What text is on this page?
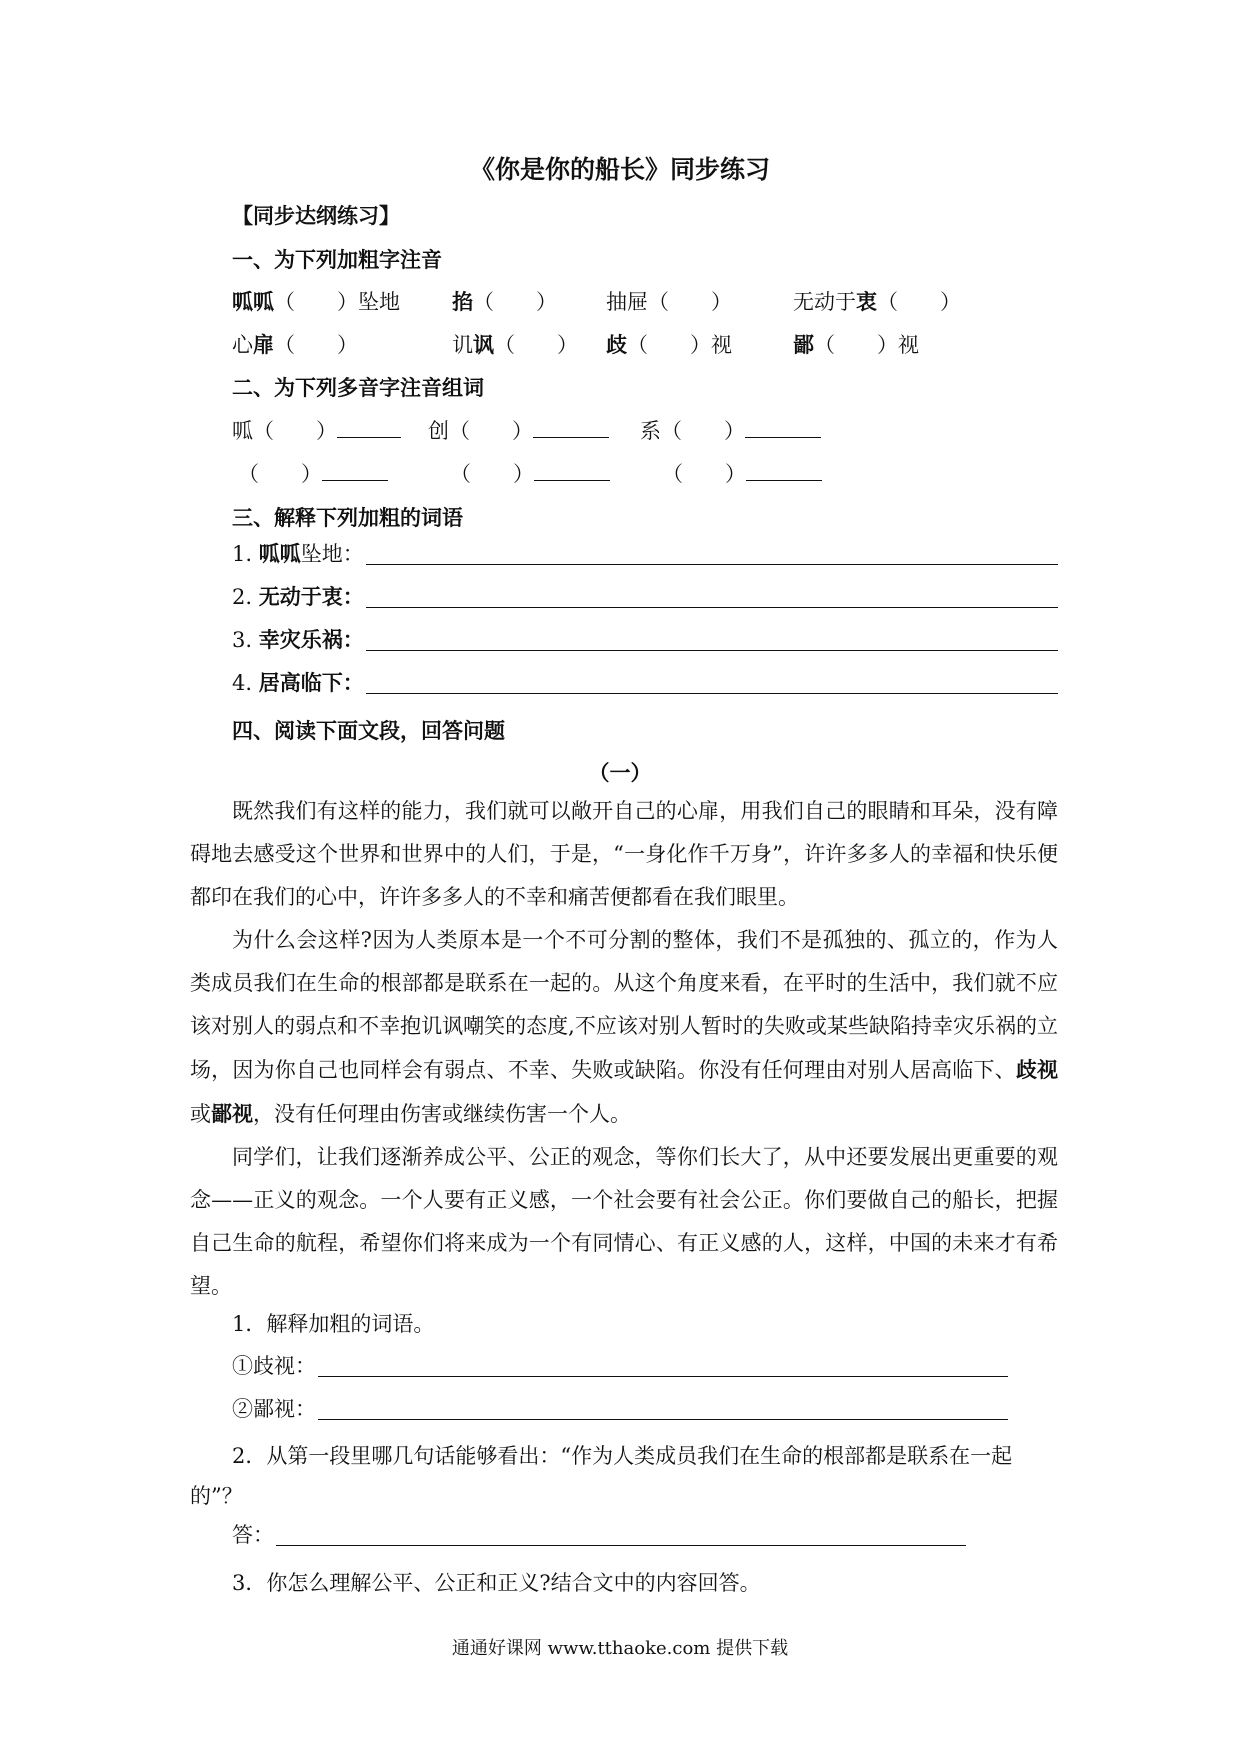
《你是你的船长》同步练习
【同步达纲练习】
一、为下列加粗字注音
呱呱（　　）坠地 掐（　　） 抽屉（　　）	无动于衷（　　）
心扉（　　）	讥讽（　　） 歧（　　）视	鄙（　　）视
二、为下列多音字注音组词
呱（　　）	创（　　）	系（　　）
（　　）	（　　）	（　　）
三、解释下列加粗的词语
1. 呱呱坠地：
2. 无动于衷：
3. 幸灾乐祸：
4. 居高临下：
四、阅读下面文段，回答问题
（一）

既然我们有这样的能力，我们就可以敞开自己的心扉，用我们自己的眼睛和耳朵，没有障碍地去感受这个世界和世界中的人们，于是，“一身化作千万身”，许许多多人的幸福和快乐便都印在我们的心中，许许多多人的不幸和痛苦便都看在我们眼里。

为什么会这样?因为人类原本是一个不可分割的整体，我们不是孤独的、孤立的，作为人类成员我们在生命的根部都是联系在一起的。从这个角度来看，在平时的生活中，我们就不应该对别人的弱点和不幸抱讥讽嘲笑的态度,不应该对别人暂时的失败或某些缺陷持幸灾乐祸的立场，因为你自己也同样会有弱点、不幸、失败或缺陷。你没有任何理由对别人居高临下、歧视或鄙视，没有任何理由伤害或继续伤害一个人。

同学们，让我们逐渐养成公平、公正的观念，等你们长大了，从中还要发展出更重要的观念——正义的观念。一个人要有正义感，一个社会要有社会公正。你们要做自己的船长，把握自己生命的航程，希望你们将来成为一个有同情心、有正义感的人，这样，中国的未来才有希望。

1．解释加粗的词语。
①歧视：
②鄙视：
2．从第一段里哪几句话能够看出：“作为人类成员我们在生命的根部都是联系在一起
的”？
答：
3．你怎么理解公平、公正和正义?结合文中的内容回答。
通通好课网 www.tthaoke.com 提供下载
